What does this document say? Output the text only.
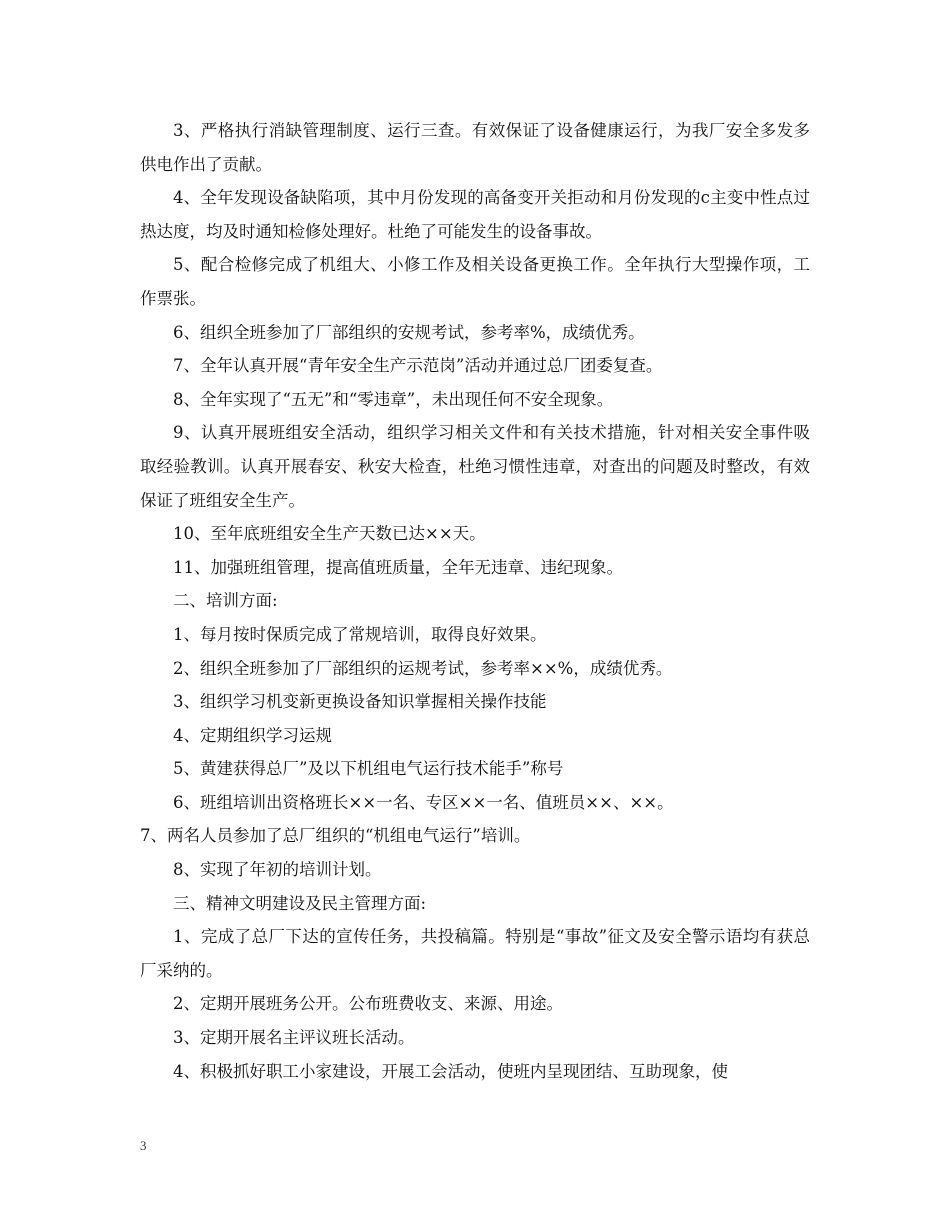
3、严格执行消缺管理制度、运行三查。有效保证了设备健康运行，为我厂安全多发多供电作出了贡献。

4、全年发现设备缺陷项，其中月份发现的高备变开关拒动和月份发现的c主变中性点过热达度，均及时通知检修处理好。杜绝了可能发生的设备事故。

5、配合检修完成了机组大、小修工作及相关设备更换工作。全年执行大型操作项，工作票张。

6、组织全班参加了厂部组织的安规考试，参考率%，成绩优秀。

7、全年认真开展“青年安全生产示范岗”活动并通过总厂团委复查。

8、全年实现了“五无”和“零违章”，未出现任何不安全现象。

9、认真开展班组安全活动，组织学习相关文件和有关技术措施，针对相关安全事件吸取经验教训。认真开展春安、秋安大检查，杜绝习惯性违章，对查出的问题及时整改，有效保证了班组安全生产。

10、至年底班组安全生产天数已达××天。

11、加强班组管理，提高值班质量，全年无违章、违纪现象。

二、培训方面:

1、每月按时保质完成了常规培训，取得良好效果。

2、组织全班参加了厂部组织的运规考试，参考率××%，成绩优秀。

3、组织学习机变新更换设备知识掌握相关操作技能

4、定期组织学习运规

5、黄建获得总厂”及以下机组电气运行技术能手”称号

6、班组培训出资格班长××一名、专区××一名、值班员××、××。

7、两名人员参加了总厂组织的“机组电气运行”培训。

8、实现了年初的培训计划。

三、精神文明建设及民主管理方面:

1、完成了总厂下达的宣传任务，共投稿篇。特别是“事故”征文及安全警示语均有获总厂采纳的。

2、定期开展班务公开。公布班费收支、来源、用途。

3、定期开展名主评议班长活动。

4、积极抓好职工小家建设，开展工会活动，使班内呈现团结、互助现象，使

3
